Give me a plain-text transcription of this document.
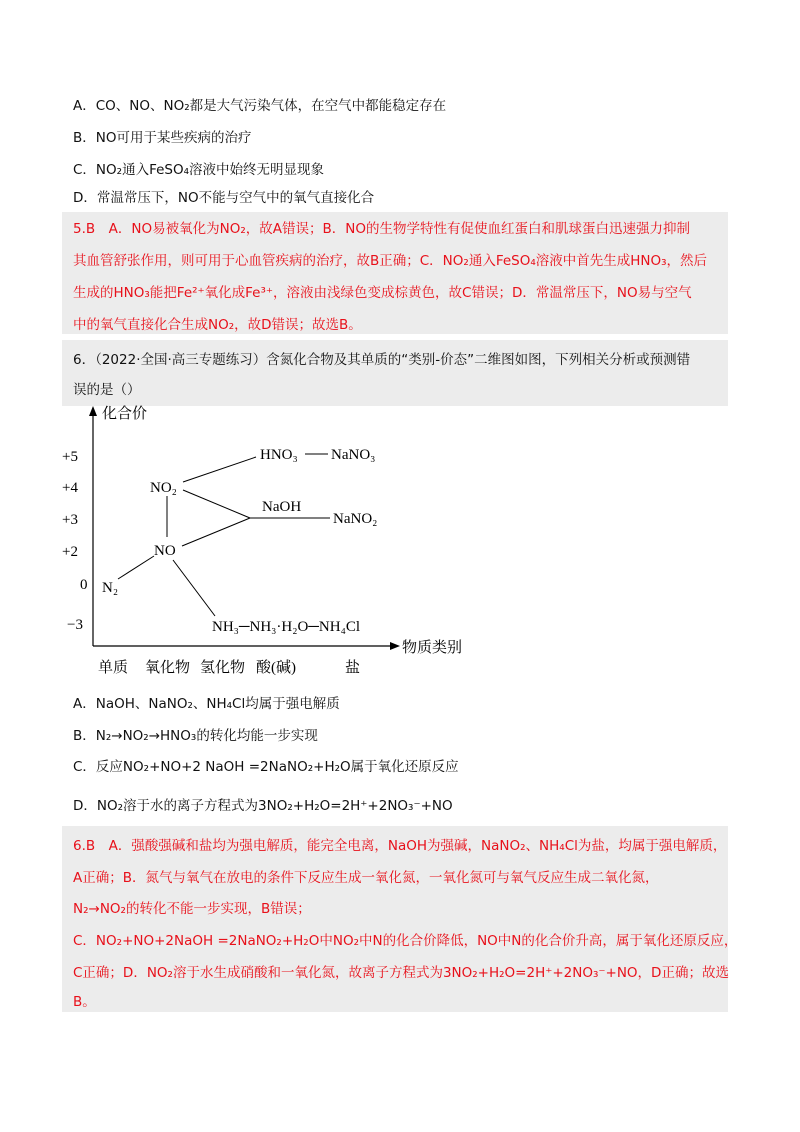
A．CO、NO、NO₂都是大气污染气体，在空气中都能稳定存在
B．NO可用于某些疾病的治疗
C．NO₂通入FeSO₄溶液中始终无明显现象
D．常温常压下，NO不能与空气中的氧气直接化合
5.B　A．NO易被氧化为NO₂，故A错误；B．NO的生物学特性有促使血红蛋白和肌球蛋白迅速强力抑制
其血管舒张作用，则可用于心血管疾病的治疗，故B正确；C．NO₂通入FeSO₄溶液中首先生成HNO₃，然后
生成的HNO₃能把Fe²⁺氧化成Fe³⁺，溶液由浅绿色变成棕黄色，故C错误；D．常温常压下，NO易与空气
中的氧气直接化合生成NO₂，故D错误；故选B。
6．（2022·全国·高三专题练习）含氮化合物及其单质的“类别-价态”二维图如图，下列相关分析或预测错
误的是（）
化合价
物质类别
+5
+4
+3
+2
0
−3
单质 氧化物 氢化物 酸(碱)	盐
NO₂
NO
N₂
HNO₃ NaNO₃
NaOH
NaNO₂
NH₃─NH₃·H₂O─NH₄Cl
A．NaOH、NaNO₂、NH₄Cl均属于强电解质
B．N₂→NO₂→HNO₃的转化均能一步实现
C．反应NO₂+NO+2 NaOH =2NaNO₂+H₂O属于氧化还原反应
D．NO₂溶于水的离子方程式为3NO₂+H₂O=2H⁺+2NO₃⁻+NO
6.B　A．强酸强碱和盐均为强电解质，能完全电离，NaOH为强碱，NaNO₂、NH₄Cl为盐，均属于强电解质，
A正确；B．氮气与氧气在放电的条件下反应生成一氧化氮，一氧化氮可与氧气反应生成二氧化氮，
N₂→NO₂的转化不能一步实现，B错误；
C．NO₂+NO+2NaOH =2NaNO₂+H₂O中NO₂中N的化合价降低，NO中N的化合价升高，属于氧化还原反应，
C正确；D．NO₂溶于水生成硝酸和一氧化氮，故离子方程式为3NO₂+H₂O=2H⁺+2NO₃⁻+NO，D正确；故选
B。
